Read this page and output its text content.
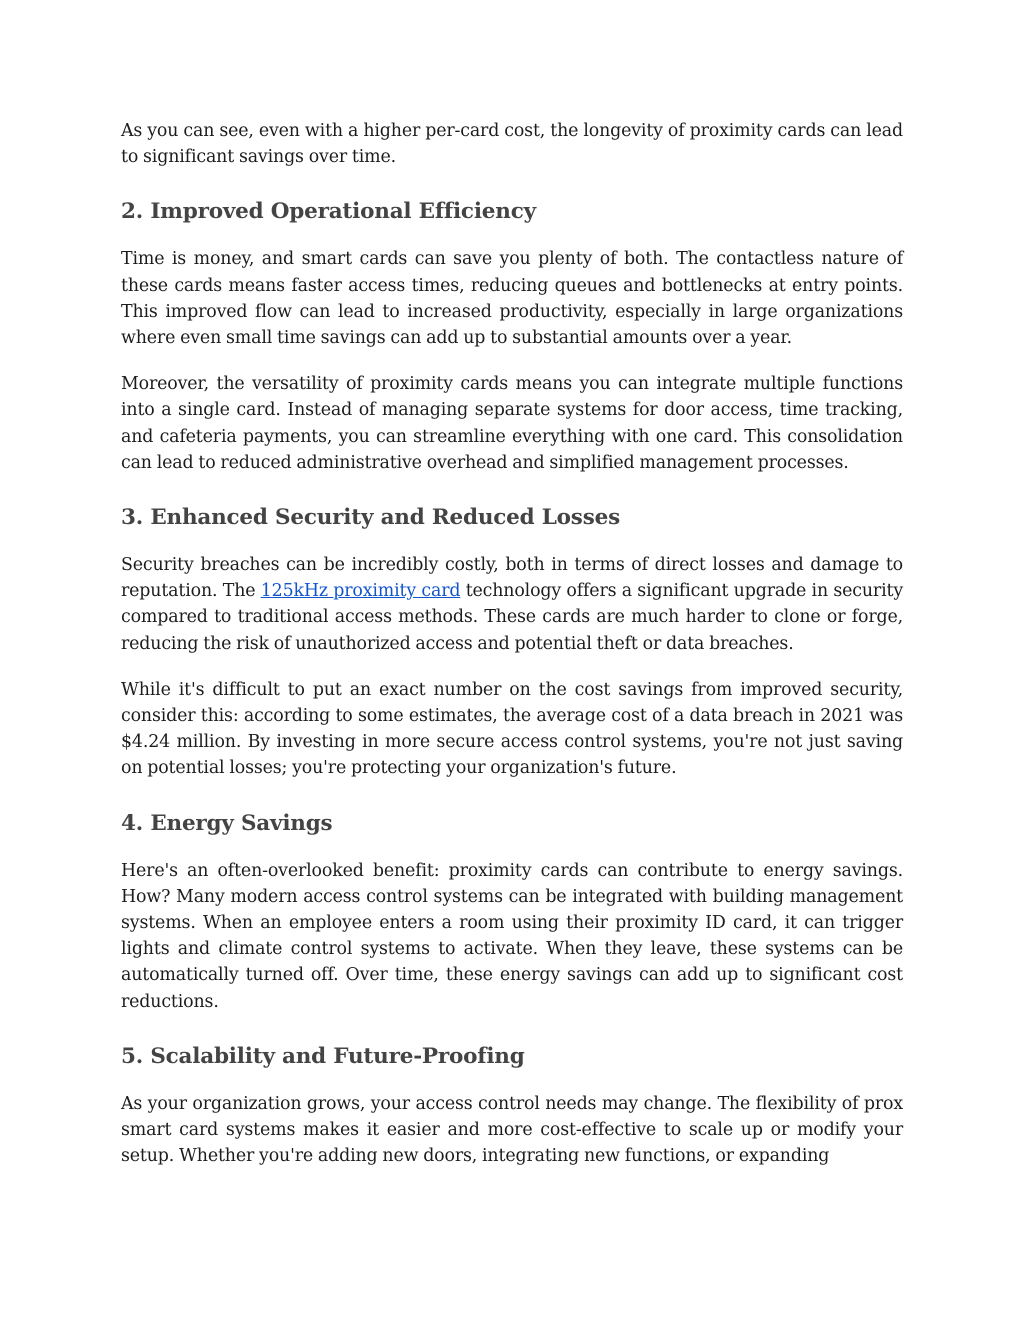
As you can see, even with a higher per-card cost, the longevity of proximity cards can lead to significant savings over time.

2. Improved Operational Efficiency

Time is money, and smart cards can save you plenty of both. The contactless nature of these cards means faster access times, reducing queues and bottlenecks at entry points. This improved flow can lead to increased productivity, especially in large organizations where even small time savings can add up to substantial amounts over a year.

Moreover, the versatility of proximity cards means you can integrate multiple functions into a single card. Instead of managing separate systems for door access, time tracking, and cafeteria payments, you can streamline everything with one card. This consolidation can lead to reduced administrative overhead and simplified management processes.

3. Enhanced Security and Reduced Losses

Security breaches can be incredibly costly, both in terms of direct losses and damage to reputation. The 125kHz proximity card technology offers a significant upgrade in security compared to traditional access methods. These cards are much harder to clone or forge, reducing the risk of unauthorized access and potential theft or data breaches.

While it's difficult to put an exact number on the cost savings from improved security, consider this: according to some estimates, the average cost of a data breach in 2021 was $4.24 million. By investing in more secure access control systems, you're not just saving on potential losses; you're protecting your organization's future.

4. Energy Savings

Here's an often-overlooked benefit: proximity cards can contribute to energy savings. How? Many modern access control systems can be integrated with building management systems. When an employee enters a room using their proximity ID card, it can trigger lights and climate control systems to activate. When they leave, these systems can be automatically turned off. Over time, these energy savings can add up to significant cost reductions.

5. Scalability and Future-Proofing

As your organization grows, your access control needs may change. The flexibility of prox smart card systems makes it easier and more cost-effective to scale up or modify your setup. Whether you're adding new doors, integrating new functions, or expanding
